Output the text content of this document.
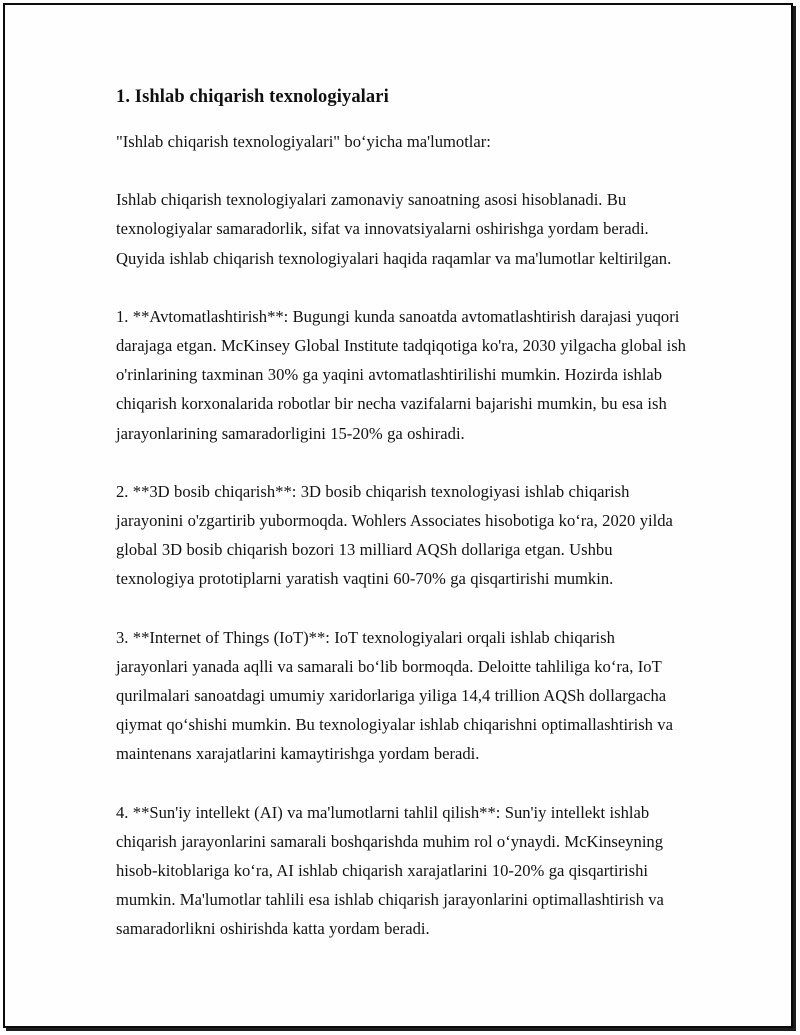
1. Ishlab chiqarish texnologiyalari

"Ishlab chiqarish texnologiyalari" bo‘yicha ma'lumotlar:

Ishlab chiqarish texnologiyalari zamonaviy sanoatning asosi hisoblanadi. Bu texnologiyalar samaradorlik, sifat va innovatsiyalarni oshirishga yordam beradi. Quyida ishlab chiqarish texnologiyalari haqida raqamlar va ma'lumotlar keltirilgan.

1. **Avtomatlashtirish**: Bugungi kunda sanoatda avtomatlashtirish darajasi yuqori darajaga etgan. McKinsey Global Institute tadqiqotiga ko'ra, 2030 yilgacha global ish o'rinlarining taxminan 30% ga yaqini avtomatlashtirilishi mumkin. Hozirda ishlab chiqarish korxonalarida robotlar bir necha vazifalarni bajarishi mumkin, bu esa ish jarayonlarining samaradorligini 15-20% ga oshiradi.

2. **3D bosib chiqarish**: 3D bosib chiqarish texnologiyasi ishlab chiqarish jarayonini o'zgartirib yubormoqda. Wohlers Associates hisobotiga ko‘ra, 2020 yilda global 3D bosib chiqarish bozori 13 milliard AQSh dollariga etgan. Ushbu texnologiya prototiplarni yaratish vaqtini 60-70% ga qisqartirishi mumkin.

3. **Internet of Things (IoT)**: IoT texnologiyalari orqali ishlab chiqarish jarayonlari yanada aqlli va samarali bo‘lib bormoqda. Deloitte tahliliga ko‘ra, IoT qurilmalari sanoatdagi umumiy xaridorlariga yiliga 14,4 trillion AQSh dollargacha qiymat qo‘shishi mumkin. Bu texnologiyalar ishlab chiqarishni optimallashtirish va maintenans xarajatlarini kamaytirishga yordam beradi.

4. **Sun'iy intellekt (AI) va ma'lumotlarni tahlil qilish**: Sun'iy intellekt ishlab chiqarish jarayonlarini samarali boshqarishda muhim rol o‘ynaydi. McKinseyning hisob-kitoblariga ko‘ra, AI ishlab chiqarish xarajatlarini 10-20% ga qisqartirishi mumkin. Ma'lumotlar tahlili esa ishlab chiqarish jarayonlarini optimallashtirish va samaradorlikni oshirishda katta yordam beradi.
